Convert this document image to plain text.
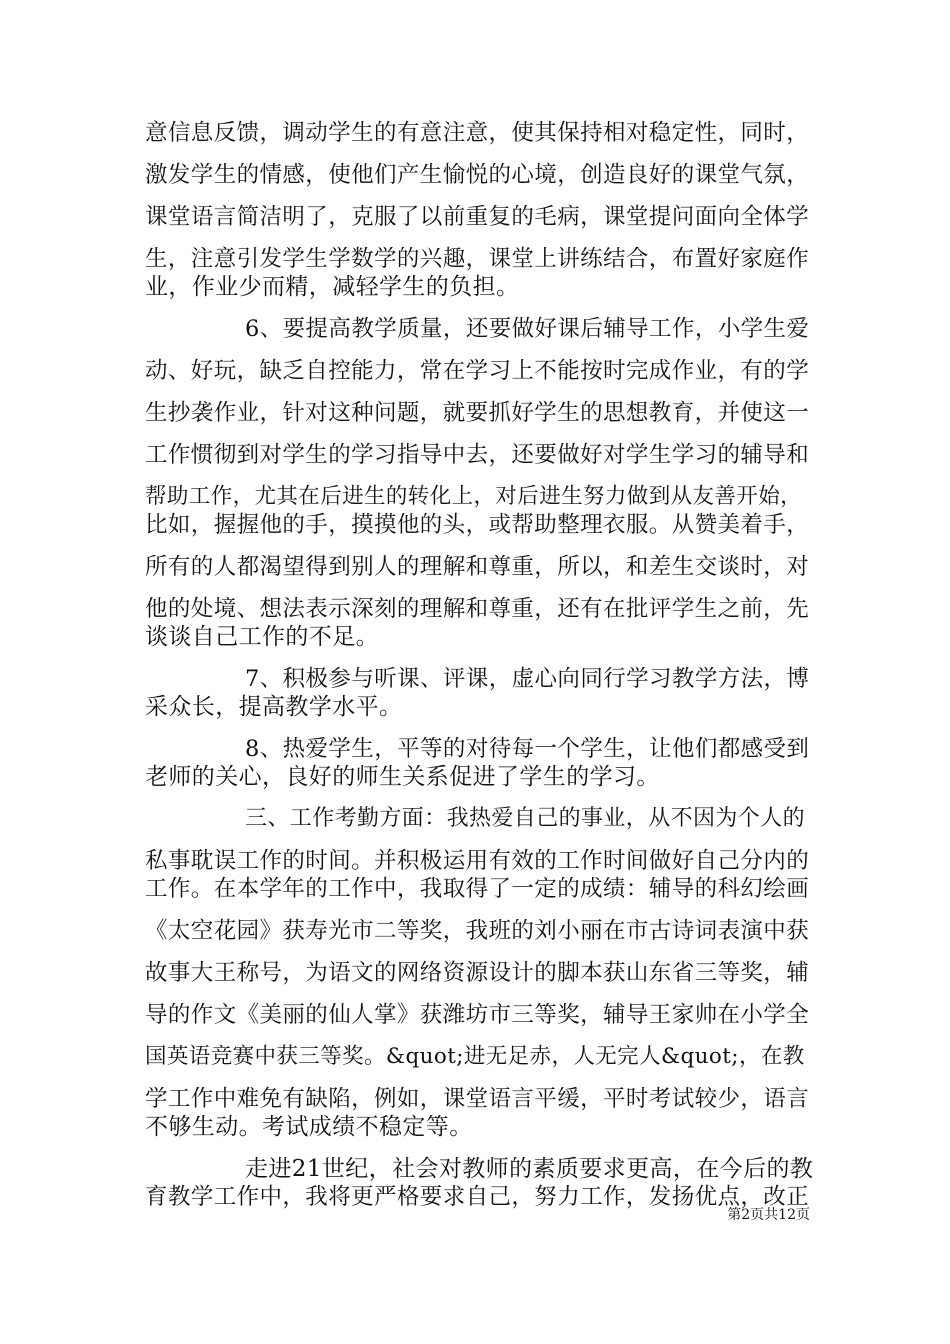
意信息反馈，调动学生的有意注意，使其保持相对稳定性，同时，
激发学生的情感，使他们产生愉悦的心境，创造良好的课堂气氛，
课堂语言简洁明了，克服了以前重复的毛病，课堂提问面向全体学
生，注意引发学生学数学的兴趣，课堂上讲练结合，布置好家庭作
业，作业少而精，减轻学生的负担。
6、要提高教学质量，还要做好课后辅导工作，小学生爱
动、好玩，缺乏自控能力，常在学习上不能按时完成作业，有的学
生抄袭作业，针对这种问题，就要抓好学生的思想教育，并使这一
工作惯彻到对学生的学习指导中去，还要做好对学生学习的辅导和
帮助工作，尤其在后进生的转化上，对后进生努力做到从友善开始，
比如，握握他的手，摸摸他的头，或帮助整理衣服。从赞美着手，
所有的人都渴望得到别人的理解和尊重，所以，和差生交谈时，对
他的处境、想法表示深刻的理解和尊重，还有在批评学生之前，先
谈谈自己工作的不足。
7、积极参与听课、评课，虚心向同行学习教学方法，博
采众长，提高教学水平。
8、热爱学生，平等的对待每一个学生，让他们都感受到
老师的关心，良好的师生关系促进了学生的学习。
三、工作考勤方面：我热爱自己的事业，从不因为个人的
私事耽误工作的时间。并积极运用有效的工作时间做好自己分内的
工作。在本学年的工作中，我取得了一定的成绩：辅导的科幻绘画
《太空花园》获寿光市二等奖，我班的刘小丽在市古诗词表演中获
故事大王称号，为语文的网络资源设计的脚本获山东省三等奖，辅
导的作文《美丽的仙人掌》获潍坊市三等奖，辅导王家帅在小学全
国英语竞赛中获三等奖。&quot;进无足赤，人无完人&quot;，在教
学工作中难免有缺陷，例如，课堂语言平缓，平时考试较少，语言
不够生动。考试成绩不稳定等。
走进21世纪，社会对教师的素质要求更高，在今后的教
育教学工作中，我将更严格要求自己，努力工作，发扬优点，改正
第2页共12页
